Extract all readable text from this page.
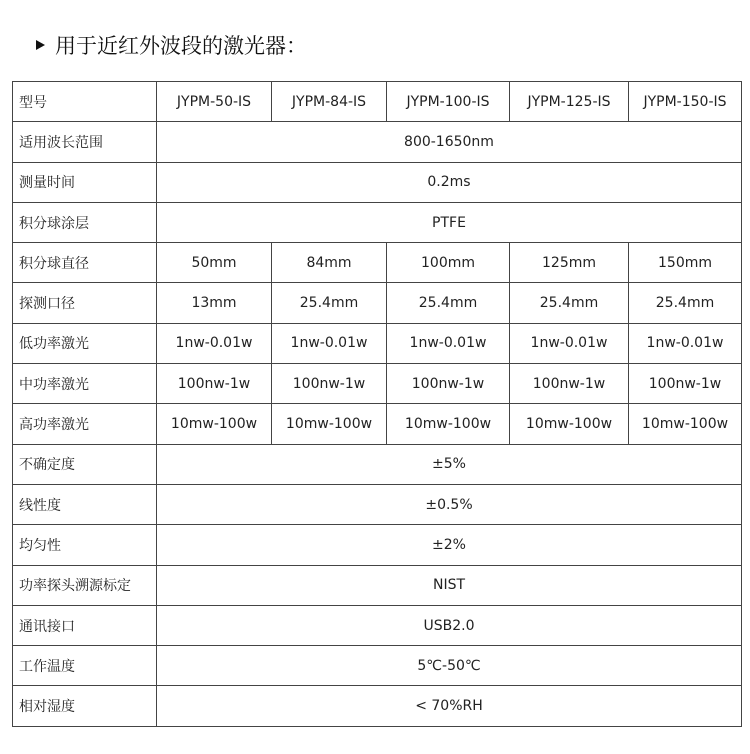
用于近红外波段的激光器：
型号	JYPM-50-IS	JYPM-84-IS	JYPM-100-IS	JYPM-125-IS	JYPM-150-IS
适用波长范围	800-1650nm				
测量时间	0.2ms				
积分球涂层	PTFE				
积分球直径	50mm	84mm	100mm	125mm	150mm
探测口径	13mm	25.4mm	25.4mm	25.4mm	25.4mm
低功率激光	1nw-0.01w	1nw-0.01w	1nw-0.01w	1nw-0.01w	1nw-0.01w
中功率激光	100nw-1w	100nw-1w	100nw-1w	100nw-1w	100nw-1w
高功率激光	10mw-100w	10mw-100w	10mw-100w	10mw-100w	10mw-100w
不确定度	±5%				
线性度	±0.5%				
均匀性	±2%				
功率探头溯源标定	NIST				
通讯接口	USB2.0				
工作温度	5℃-50℃				
相对湿度	< 70%RH				
